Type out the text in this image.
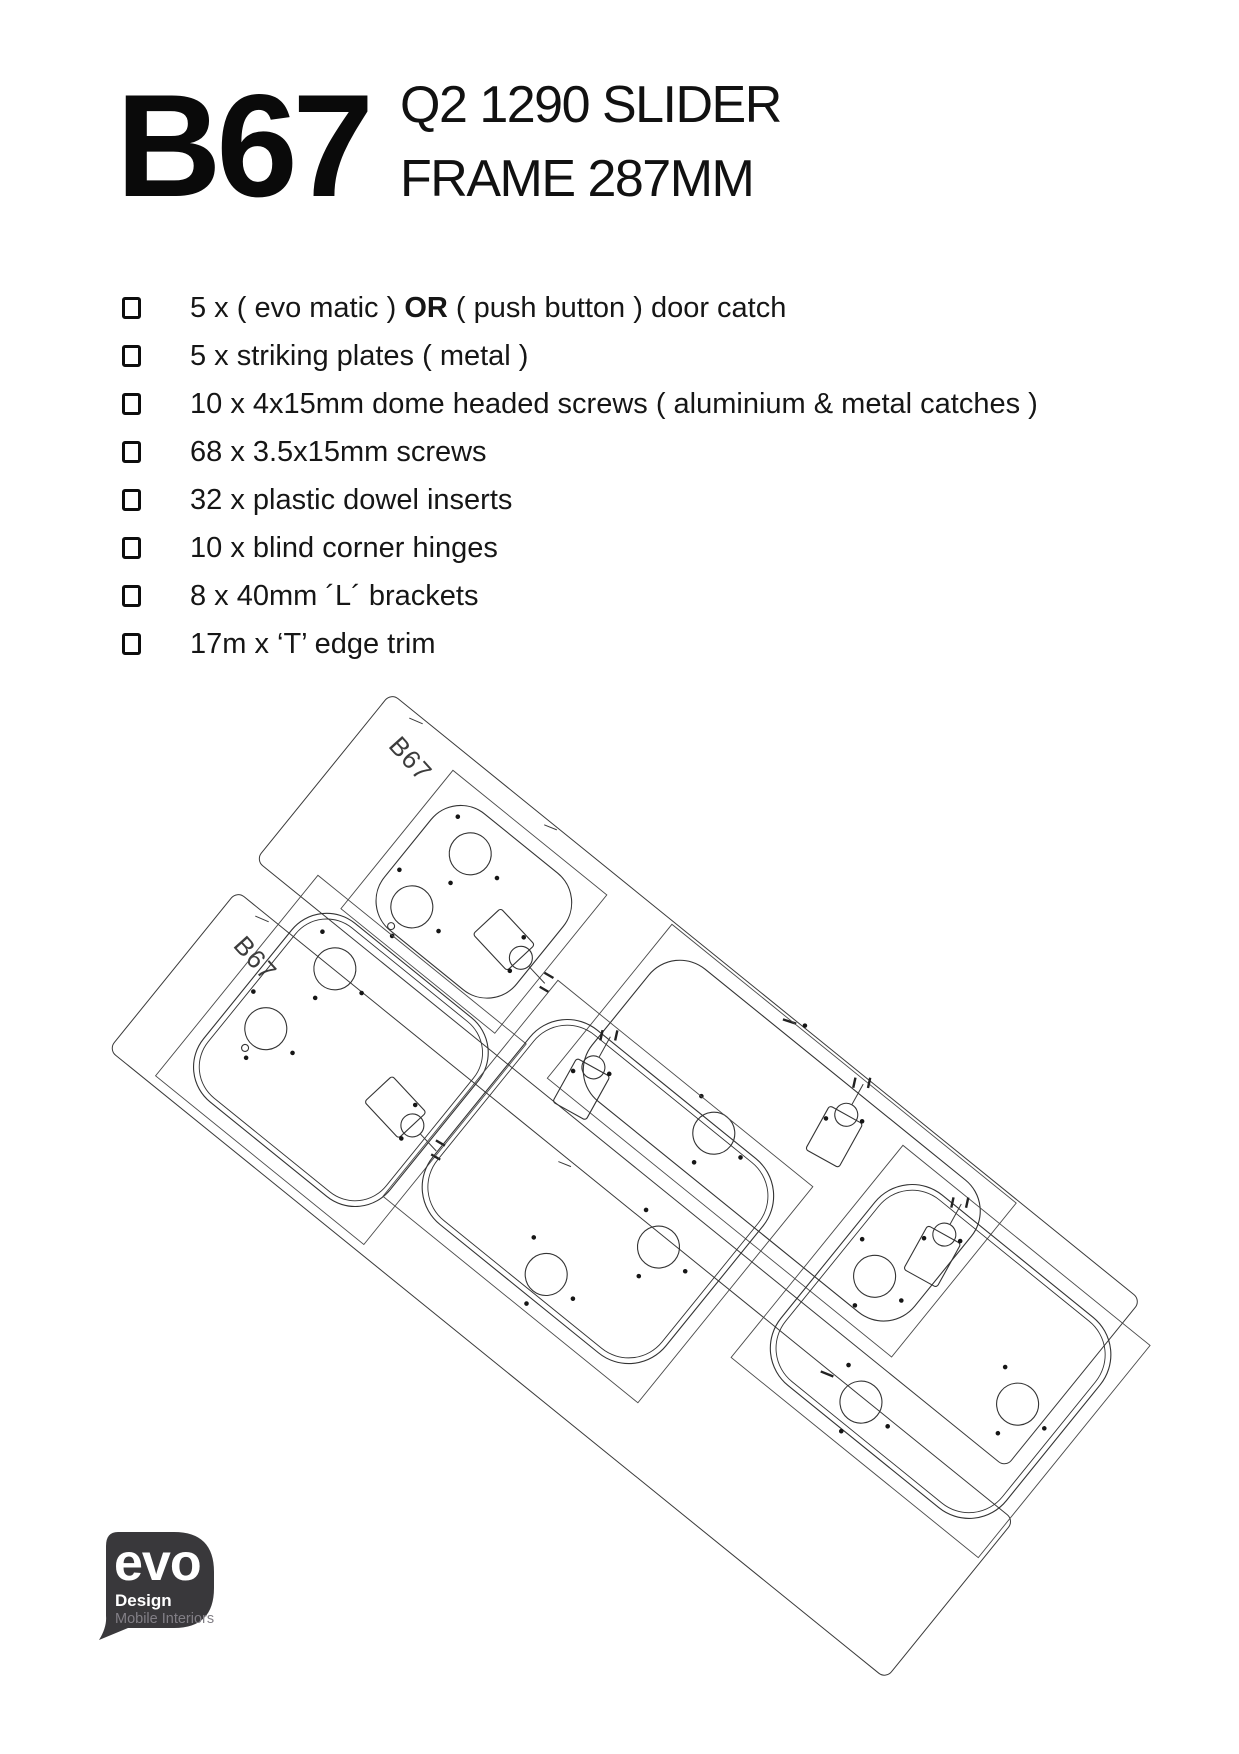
B67 Q2 1290 SLIDER
FRAME 287MM
5 x ( evo matic ) OR ( push button ) door catch
5 x striking plates ( metal )
10 x 4x15mm dome headed screws ( aluminium & metal catches )
68 x 3.5x15mm screws
32 x plastic dowel inserts
10 x blind corner hinges
8 x 40mm ´L´ brackets
17m x ‘T’ edge trim
B67
B67
evo
Design
Mobile Interiors
